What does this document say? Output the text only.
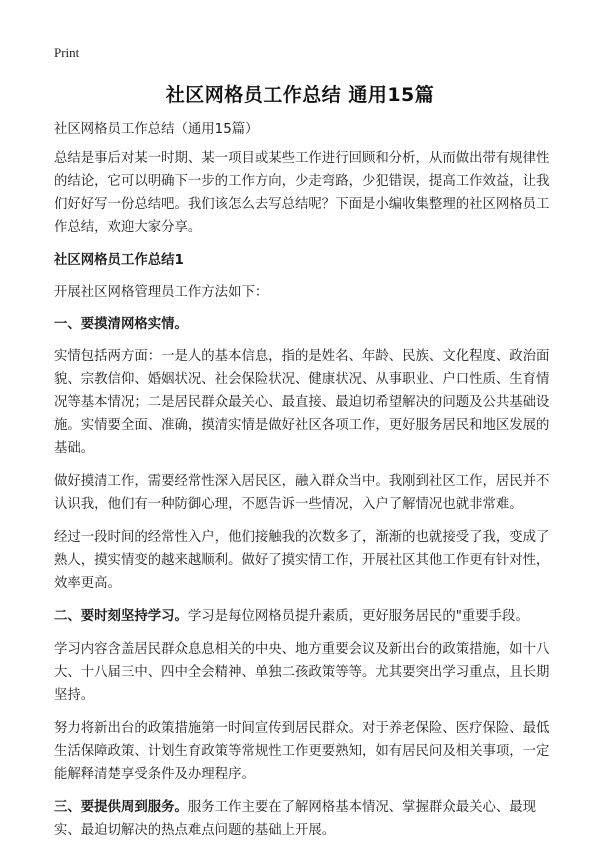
Print
社区网格员工作总结 通用15篇

社区网格员工作总结（通用15篇）

总结是事后对某一时期、某一项目或某些工作进行回顾和分析，从而做出带有规律性的结论，它可以明确下一步的工作方向，少走弯路，少犯错误，提高工作效益，让我们好好写一份总结吧。我们该怎么去写总结呢？下面是小编收集整理的社区网格员工作总结，欢迎大家分享。

社区网格员工作总结1

开展社区网格管理员工作方法如下：

一、要摸清网格实情。

实情包括两方面：一是人的基本信息，指的是姓名、年龄、民族、文化程度、政治面貌、宗教信仰、婚姻状况、社会保险状况、健康状况、从事职业、户口性质、生育情况等基本情况；二是居民群众最关心、最直接、最迫切希望解决的问题及公共基础设施。实情要全面、准确，摸清实情是做好社区各项工作，更好服务居民和地区发展的基础。

做好摸清工作，需要经常性深入居民区，融入群众当中。我刚到社区工作，居民并不认识我，他们有一种防御心理，不愿告诉一些情况，入户了解情况也就非常难。

经过一段时间的经常性入户，他们接触我的次数多了，渐渐的也就接受了我，变成了熟人，摸实情变的越来越顺利。做好了摸实情工作，开展社区其他工作更有针对性，效率更高。

二、要时刻坚持学习。学习是每位网格员提升素质，更好服务居民的"重要手段。

学习内容含盖居民群众息息相关的中央、地方重要会议及新出台的政策措施，如十八大、十八届三中、四中全会精神、单独二孩政策等等。尤其要突出学习重点，且长期坚持。

努力将新出台的政策措施第一时间宣传到居民群众。对于养老保险、医疗保险、最低生活保障政策、计划生育政策等常规性工作更要熟知，如有居民问及相关事项，一定能解释清楚享受条件及办理程序。

三、要提供周到服务。服务工作主要在了解网格基本情况、掌握群众最关心、最现实、最迫切解决的热点难点问题的基础上开展。
